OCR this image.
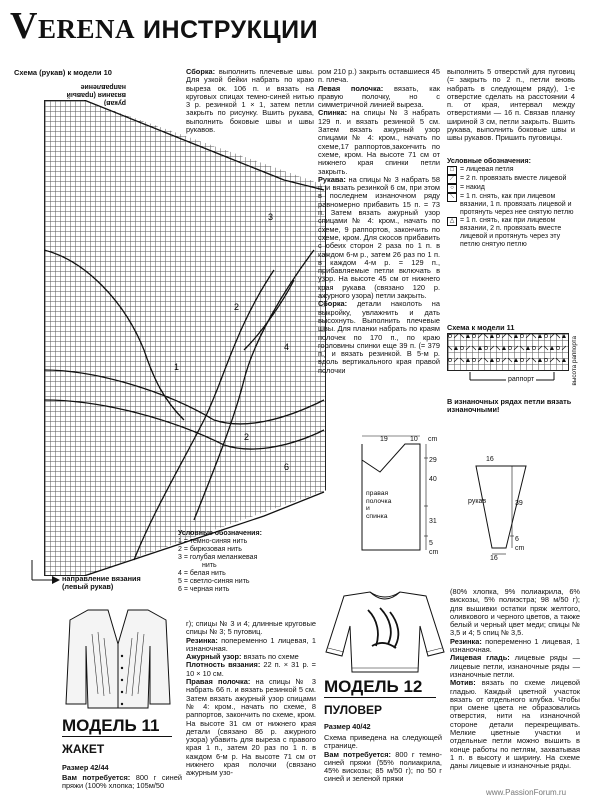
Verena ИНСТРУКЦИИ
Схема (рукав) к модели 10
рукав)
вязания (правый
направление
3
2
1
4
2
6
направление вязания
(левый рукав)
Условные обозначения:
1 = темно-синяя нить
2 = бирюзовая нить
3 = голубая меланжевая
нить
4 = белая нить
5 = светло-синяя нить
6 = черная нить

Сборка: выполнить плечевые швы. Для узкой бейки набрать по краю выреза ок. 106 п. и вязать на круговых спицах темно-синей нитью 3 р. резинкой 1 × 1, затем петли закрыть по рисунку. Вшить рукава, выполнить боковые швы и швы рукавов.

ром 210 р.) закрыть оставшиеся 45 п. плеча.

Левая полочка: вязать, как правую полочку, но с симметричной линией выреза.

Спинка: на спицы № 3 набрать 129 п. и вязать резинкой 5 см. Затем вязать ажурный узор спицами № 4: кром., начать по схеме,17 раппортов,закончить по схеме, кром. На высоте 71 см от нижнего края спинки петли закрыть.

Рукава: на спицы № 3 набрать 58 п. и вязать резинкой 6 см, при этом в последнем изнаночном ряду равномерно прибавить 15 п. = 73 п. Затем вязать ажурный узор спицами № 4: кром., начать по схеме, 9 раппортов, закончить по схеме, кром. Для скосов прибавить с обеих сторон 2 раза по 1 п. в каждом 6-м р., затем 26 раз по 1 п. в каждом 4-м р. = 129 п., прибавляемые петли включать в узор. На высоте 45 см от нижнего края рукава (связано 120 р. ажурного узора) петли закрыть.

Сборка: детали наколоть на выкройку, увлажнить и дать высохнуть. Выполнить плечевые швы. Для планки набрать по краям полочек по 170 п., по краю горловины спинки еще 39 п. (= 379 п.) и вязать резинкой. В 5-м р. вдоль вертикального края правой полочки

выполнить 5 отверстий для пуговиц (= закрыть по 2 п., петли вновь набрать в следующем ряду), 1-е отверстие сделать на расстоянии 4 п. от края, интервал между отверстиями — 16 п. Связав планку шириной 3 см, петли закрыть. Вшить рукава, выполнить боковые швы и швы рукавов. Пришить пуговицы.

Условные обозначения:
□ = лицевая петля
⟋ = 2 п. провязать вместе лицевой
○ = накид
⟍ = 1 п. снять, как при лицевом вязании, 1 п. провязать лицевой и протянуть через нее снятую петлю
△ = 1 п. снять, как при лицевом вязании, 2 п. провязать вместе лицевой и протянуть через эту петлю снятую петлю
Схема к модели 11
высота раппорта
раппорт
В изнаночных рядах петли вязать изнаночными!
19	10 cm
29
40
31
5
cm
правая
полочка
и
спинка
16
39
6
cm
16
рукав
МОДЕЛЬ 11
ЖАКЕТ
Размер 42/44

Вам потребуется: 800 г синей пряжи (100% хлопка; 105м/50

г); спицы № 3 и 4; длинные круговые спицы № 3; 5 пуговиц.

Резинка: попеременно 1 лицевая, 1 изнаночная.

Ажурный узор: вязать по схеме

Плотность вязания: 22 п. × 31 р. = 10 × 10 см.

Правая полочка: на спицы № 3 набрать 66 п. и вязать резинкой 5 см. Затем вязать ажурный узор спицами № 4: кром., начать по схеме, 8 раппортов, закончить по схеме, кром. На высоте 31 см от нижнего края детали (связано 86 р. ажурного узора) убавить для выреза с правого края 1 п., затем 20 раз по 1 п. в каждом 6-м р. На высоте 71 см от нижнего края полочки (связано ажурным узо-

МОДЕЛЬ 12
ПУЛОВЕР
Размер 40/42

Схема приведена на следующей странице.

Вам потребуется: 800 г темно-синей пряжи (55% полиакрила, 45% вискозы; 85 м/50 г); по 50 г синей и зеленой пряжи

(80% хлопка, 9% полиакрила, 6% вискозы, 5% полиэстра; 98 м/50 г); для вышивки остатки пряж желтого, оливкового и черного цветов, а также белый и черный цвет меди; спицы № 3,5 и 4; 5 спиц № 3,5.

Резинка: попеременно 1 лицевая, 1 изнаночная.

Лицевая гладь: лицевые ряды — лицевые петли, изнаночные ряды — изнаночные петли.

Мотив: вязать по схеме лицевой гладью. Каждый цветной участок вязать от отдельного клубка. Чтобы при смене цвета не образовались отверстия, нити на изнаночной стороне детали перекрещивать. Мелкие цветные участки и отдельные петли можно вышить в конце работы по петлям, захватывая 1 п. в высоту и ширину. На схеме даны лицевые и изнаночные ряды.

www.PassionForum.ru
